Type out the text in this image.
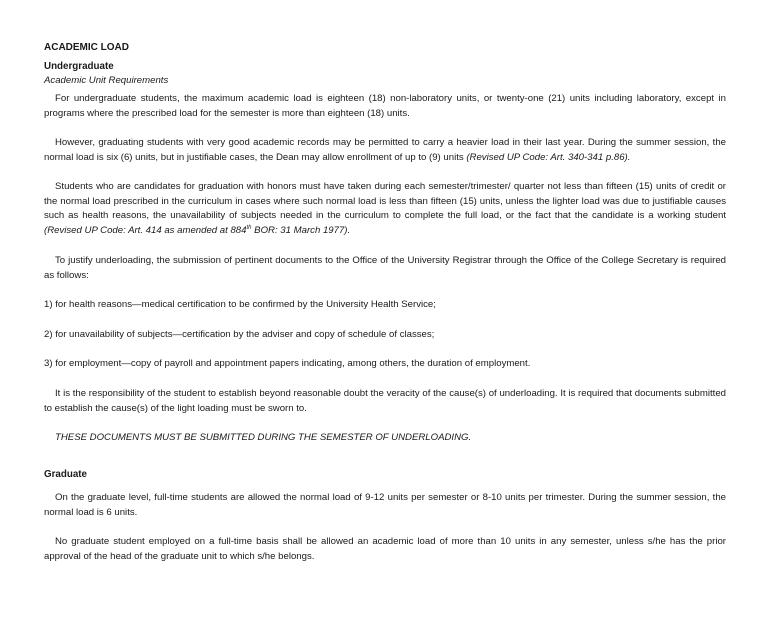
ACADEMIC LOAD
Undergraduate
Academic Unit Requirements

For undergraduate students, the maximum academic load is eighteen (18) non-laboratory units, or twenty-one (21) units including laboratory, except in programs where the prescribed load for the semester is more than eighteen (18) units.

However, graduating students with very good academic records may be permitted to carry a heavier load in their last year. During the summer session, the normal load is six (6) units, but in justifiable cases, the Dean may allow enrollment of up to (9) units (Revised UP Code: Art. 340-341 p.86).

Students who are candidates for graduation with honors must have taken during each semester/trimester/ quarter not less than fifteen (15) units of credit or the normal load prescribed in the curriculum in cases where such normal load is less than fifteen (15) units, unless the lighter load was due to justifiable causes such as health reasons, the unavailability of subjects needed in the curriculum to complete the full load, or the fact that the candidate is a working student (Revised UP Code: Art. 414 as amended at 884th BOR: 31 March 1977).

To justify underloading, the submission of pertinent documents to the Office of the University Registrar through the Office of the College Secretary is required as follows:

1) for health reasons—medical certification to be confirmed by the University Health Service;

2) for unavailability of subjects—certification by the adviser and copy of schedule of classes;

3) for employment—copy of payroll and appointment papers indicating, among others, the duration of employment.

It is the responsibility of the student to establish beyond reasonable doubt the veracity of the cause(s) of underloading. It is required that documents submitted to establish the cause(s) of the light loading must be sworn to.

THESE DOCUMENTS MUST BE SUBMITTED DURING THE SEMESTER OF UNDERLOADING.

Graduate

On the graduate level, full-time students are allowed the normal load of 9-12 units per semester or 8-10 units per trimester. During the summer session, the normal load is 6 units.

No graduate student employed on a full-time basis shall be allowed an academic load of more than 10 units in any semester, unless s/he has the prior approval of the head of the graduate unit to which s/he belongs.
